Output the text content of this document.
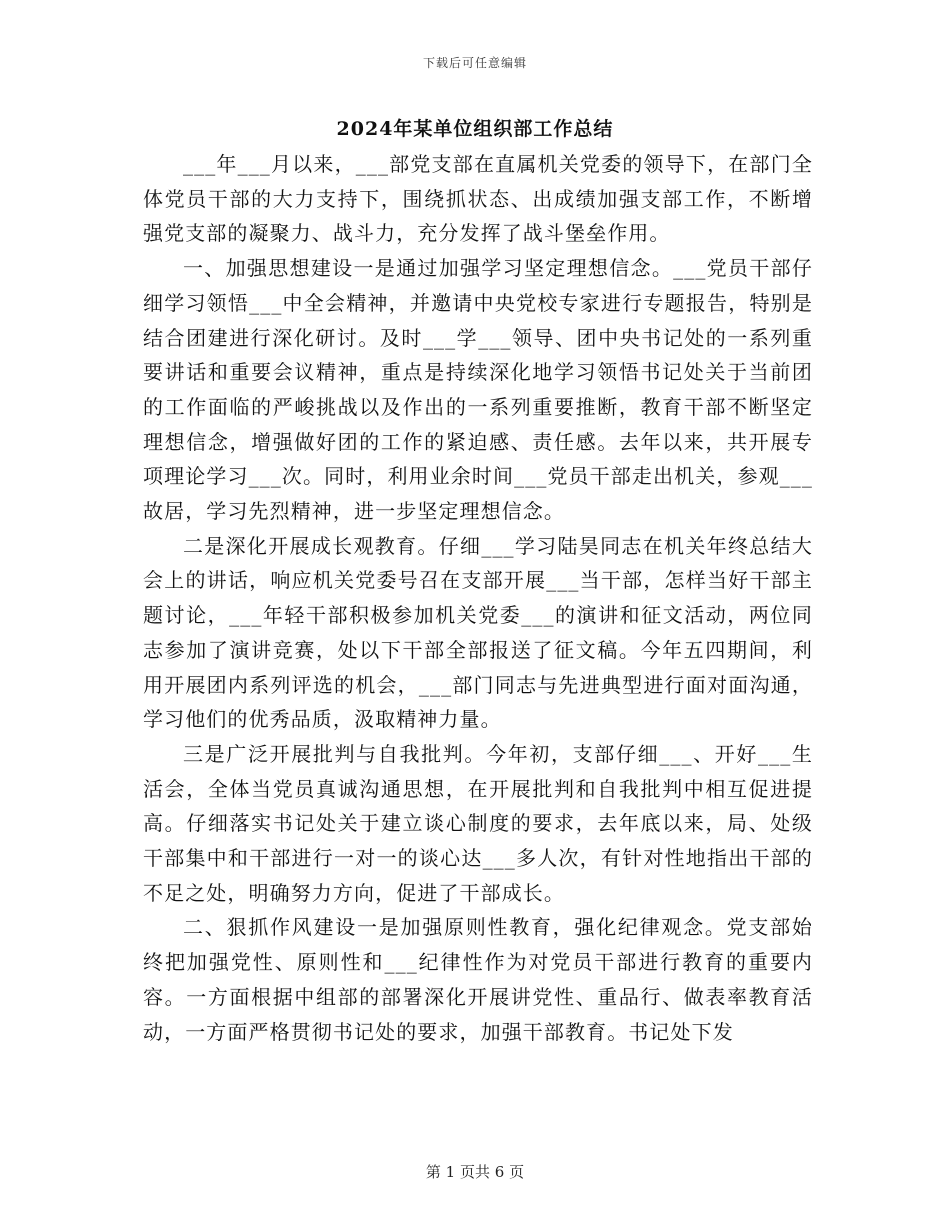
下载后可任意编辑
2024年某单位组织部工作总结

___年___月以来，___部党支部在直属机关党委的领导下，在部门全体党员干部的大力支持下，围绕抓状态、出成绩加强支部工作，不断增强党支部的凝聚力、战斗力，充分发挥了战斗堡垒作用。

一、加强思想建设一是通过加强学习坚定理想信念。___党员干部仔细学习领悟___中全会精神，并邀请中央党校专家进行专题报告，特别是结合团建进行深化研讨。及时___学___领导、团中央书记处的一系列重要讲话和重要会议精神，重点是持续深化地学习领悟书记处关于当前团的工作面临的严峻挑战以及作出的一系列重要推断，教育干部不断坚定理想信念，增强做好团的工作的紧迫感、责任感。去年以来，共开展专项理论学习___次。同时，利用业余时间___党员干部走出机关，参观___故居，学习先烈精神，进一步坚定理想信念。

二是深化开展成长观教育。仔细___学习陆昊同志在机关年终总结大会上的讲话，响应机关党委号召在支部开展___当干部，怎样当好干部主题讨论，___年轻干部积极参加机关党委___的演讲和征文活动，两位同志参加了演讲竞赛，处以下干部全部报送了征文稿。今年五四期间，利用开展团内系列评选的机会，___部门同志与先进典型进行面对面沟通，学习他们的优秀品质，汲取精神力量。

三是广泛开展批判与自我批判。今年初，支部仔细___、开好___生活会，全体当党员真诚沟通思想，在开展批判和自我批判中相互促进提高。仔细落实书记处关于建立谈心制度的要求，去年底以来，局、处级干部集中和干部进行一对一的谈心达___多人次，有针对性地指出干部的不足之处，明确努力方向，促进了干部成长。

二、狠抓作风建设一是加强原则性教育，强化纪律观念。党支部始终把加强党性、原则性和___纪律性作为对党员干部进行教育的重要内容。一方面根据中组部的部署深化开展讲党性、重品行、做表率教育活动，一方面严格贯彻书记处的要求，加强干部教育。书记处下发

第 1 页共 6 页
